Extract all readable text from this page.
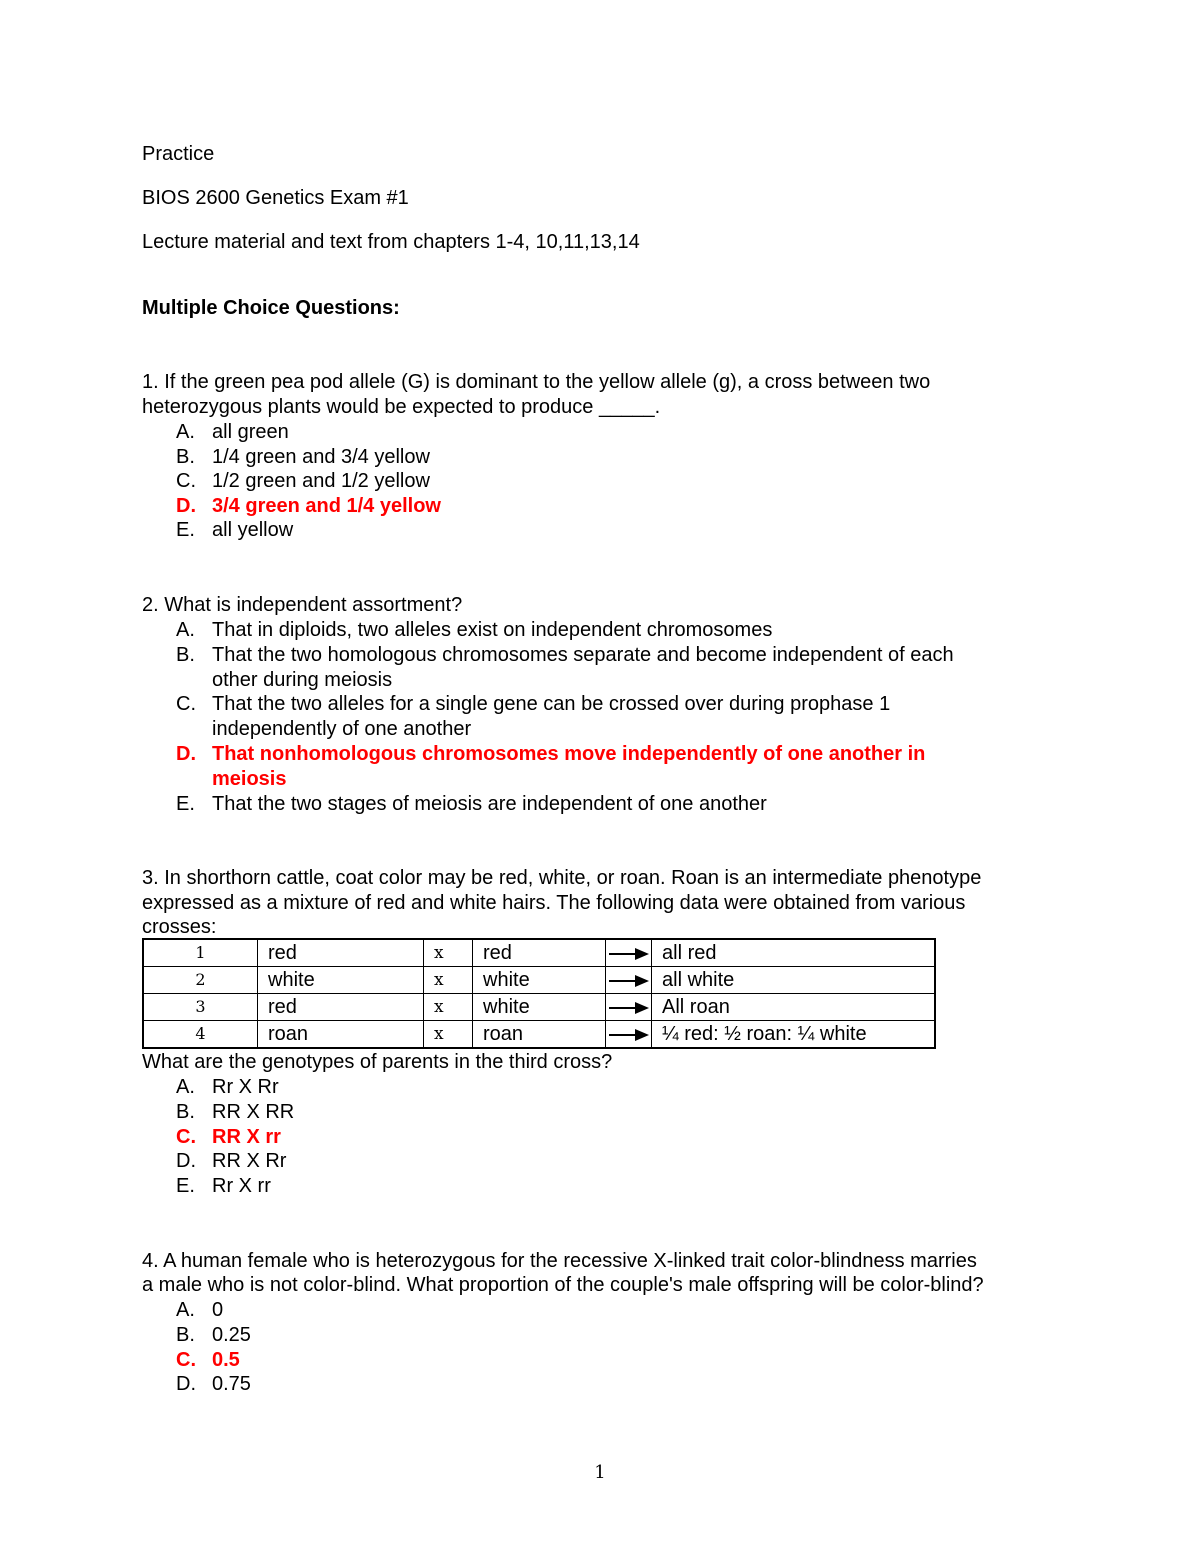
Practice
BIOS 2600 Genetics Exam #1
Lecture material and text from chapters 1-4, 10,11,13,14
Multiple Choice Questions:
1. If the green pea pod allele (G) is dominant to the yellow allele (g), a cross between two
heterozygous plants would be expected to produce _____.
A. all green
B. 1/4 green and 3/4 yellow
C. 1/2 green and 1/2 yellow
D. 3/4 green and 1/4 yellow
E. all yellow
2. What is independent assortment?
A. That in diploids, two alleles exist on independent chromosomes
B. That the two homologous chromosomes separate and become independent of each
other during meiosis
C. That the two alleles for a single gene can be crossed over during prophase 1
independently of one another
D. That nonhomologous chromosomes move independently of one another in
meiosis
E. That the two stages of meiosis are independent of one another
3. In shorthorn cattle, coat color may be red, white, or roan. Roan is an intermediate phenotype
expressed as a mixture of red and white hairs. The following data were obtained from various
crosses:
1	red	x	red		all red
2	white	x	white		all white
3	red	x	white		All roan
4	roan	x	roan		¼ red: ½ roan: ¼ white
What are the genotypes of parents in the third cross?
A. Rr X Rr
B. RR X RR
C. RR X rr
D. RR X Rr
E. Rr X rr
4. A human female who is heterozygous for the recessive X-linked trait color-blindness marries
a male who is not color-blind. What proportion of the couple's male offspring will be color-blind?
A. 0
B. 0.25
C. 0.5
D. 0.75
1
